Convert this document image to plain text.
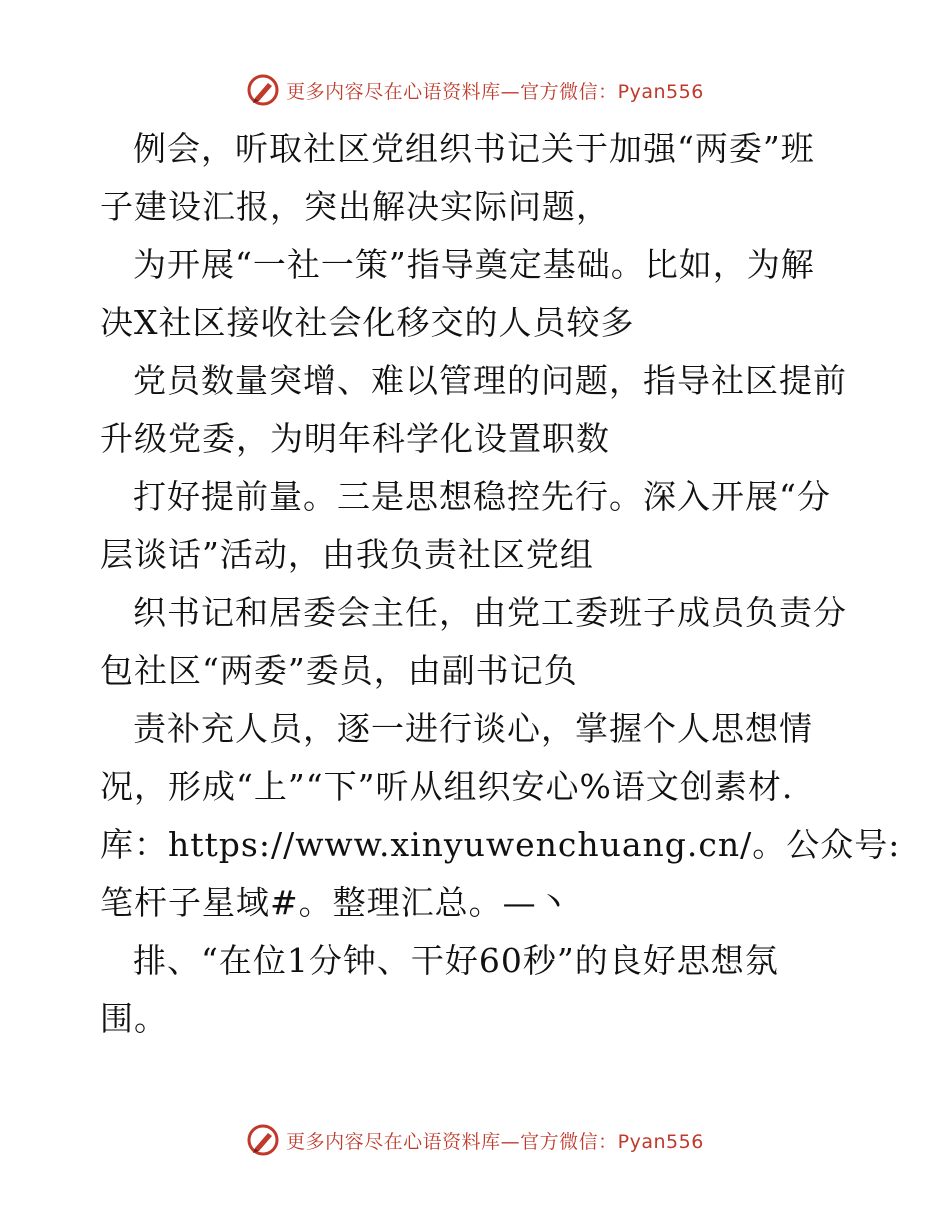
更多内容尽在心语资料库—官方微信：Pyan556
例会，听取社区党组织书记关于加强“两委”班
子建设汇报，突出解决实际问题，
为开展“一社一策”指导奠定基础。比如，为解
决X社区接收社会化移交的人员较多
党员数量突增、难以管理的问题，指导社区提前
升级党委，为明年科学化设置职数
打好提前量。三是思想稳控先行。深入开展“分
层谈话”活动，由我负责社区党组
织书记和居委会主任，由党工委班子成员负责分
包社区“两委”委员，由副书记负
责补充人员，逐一进行谈心，掌握个人思想情
况，形成“上”“下”听从组织安心%语文创素材.
库：https://www.xinyuwenchuang.cn/。公众号:
笔杆子星域#。整理汇总。—丶
排、“在位1分钟、干好60秒”的良好思想氛
围。
更多内容尽在心语资料库—官方微信：Pyan556
